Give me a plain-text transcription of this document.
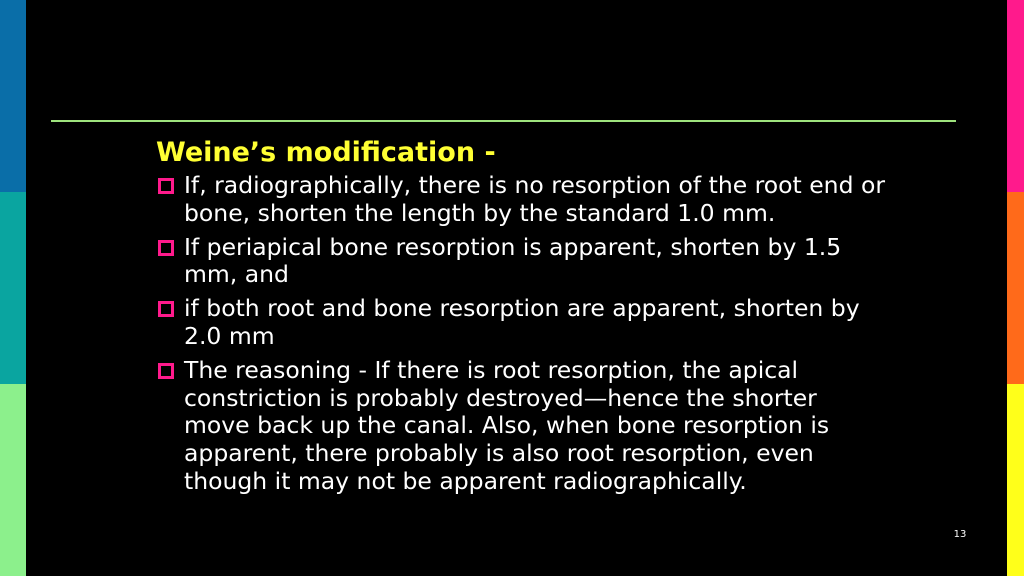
Weine’s modification -
If, radiographically, there is no resorption of the root end or bone, shorten the length by the standard 1.0 mm.
If periapical bone resorption is apparent, shorten by 1.5 mm, and
if both root and bone resorption are apparent, shorten by 2.0 mm
The reasoning - If there is root resorption, the apical constriction is probably destroyed—hence the shorter move back up the canal. Also, when bone resorption is apparent, there probably is also root resorption, even though it may not be apparent radiographically.
13
